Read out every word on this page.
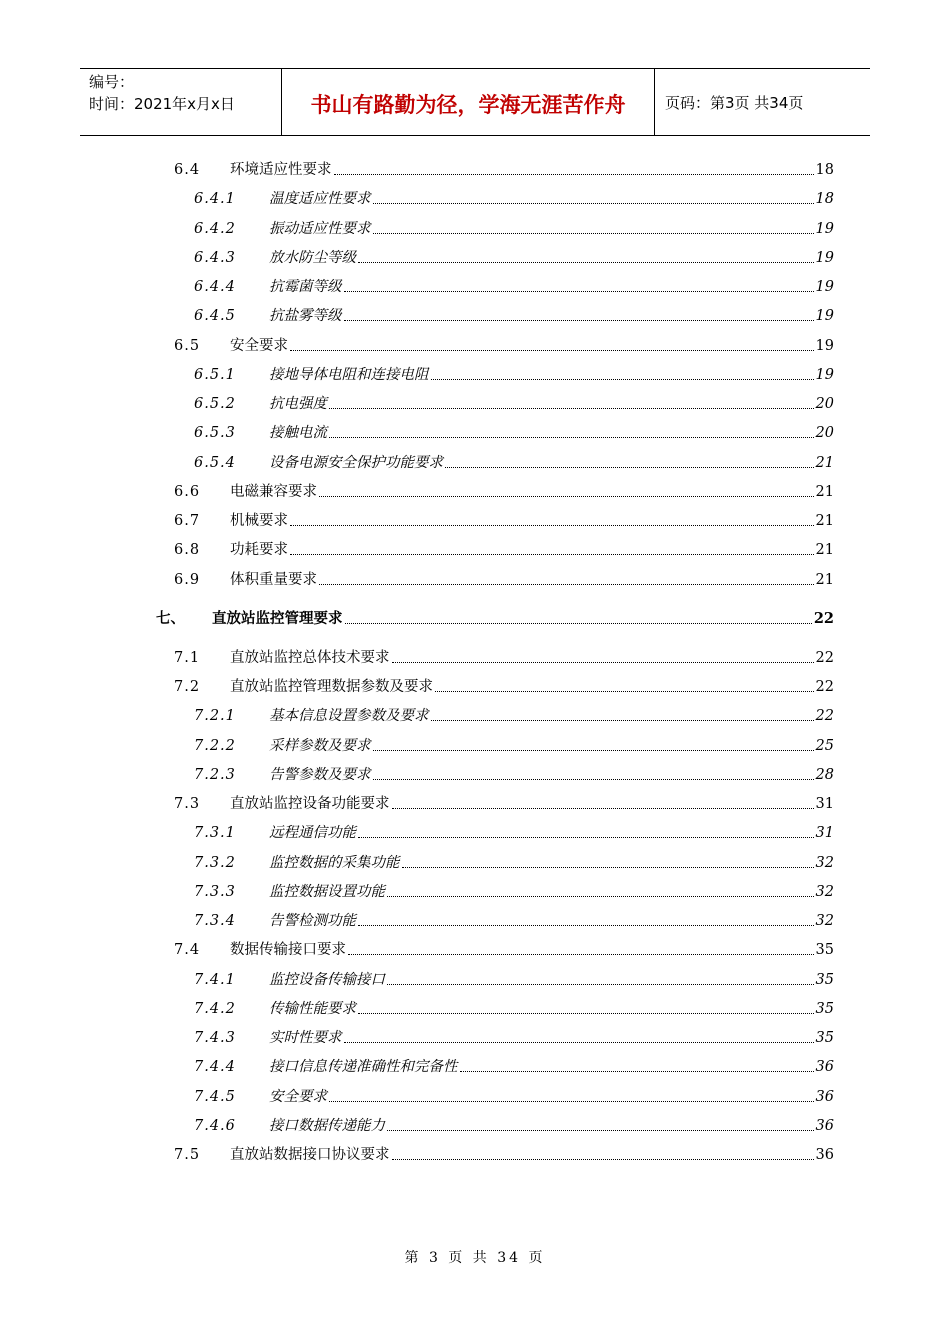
编号：
时间：2021年x月x日	书山有路勤为径，学海无涯苦作舟	页码：第3页 共34页
6.4	环境适应性要求	18
6.4.1	温度适应性要求	18
6.4.2	振动适应性要求	19
6.4.3	放水防尘等级	19
6.4.4	抗霉菌等级	19
6.4.5	抗盐雾等级	19
6.5	安全要求	19
6.5.1	接地导体电阻和连接电阻	19
6.5.2	抗电强度	20
6.5.3	接触电流	20
6.5.4	设备电源安全保护功能要求	21
6.6	电磁兼容要求	21
6.7	机械要求	21
6.8	功耗要求	21
6.9	体积重量要求	21
七、	直放站监控管理要求	22
7.1	直放站监控总体技术要求	22
7.2	直放站监控管理数据参数及要求	22
7.2.1	基本信息设置参数及要求	22
7.2.2	采样参数及要求	25
7.2.3	告警参数及要求	28
7.3	直放站监控设备功能要求	31
7.3.1	远程通信功能	31
7.3.2	监控数据的采集功能	32
7.3.3	监控数据设置功能	32
7.3.4	告警检测功能	32
7.4	数据传输接口要求	35
7.4.1	监控设备传输接口	35
7.4.2	传输性能要求	35
7.4.3	实时性要求	35
7.4.4	接口信息传递准确性和完备性	36
7.4.5	安全要求	36
7.4.6	接口数据传递能力	36
7.5	直放站数据接口协议要求	36
第 3 页 共 34 页
